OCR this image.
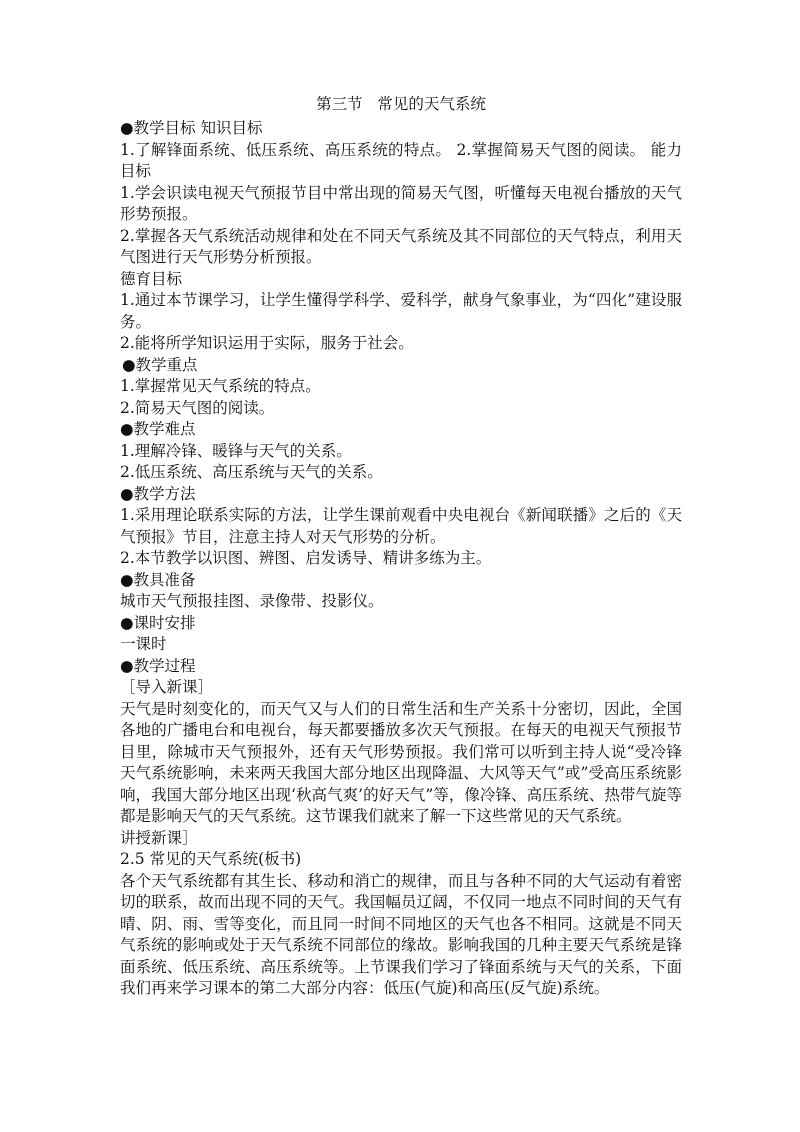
第三节   常见的天气系统
●教学目标 知识目标
1.了解锋面系统、低压系统、高压系统的特点。 2.掌握简易天气图的阅读。 能力目标
1.学会识读电视天气预报节目中常出现的简易天气图，听懂每天电视台播放的天气形势预报。
2.掌握各天气系统活动规律和处在不同天气系统及其不同部位的天气特点，利用天气图进行天气形势分析预报。
德育目标
1.通过本节课学习，让学生懂得学科学、爱科学，献身气象事业，为“四化”建设服务。
2.能将所学知识运用于实际，服务于社会。
●教学重点
1.掌握常见天气系统的特点。
2.简易天气图的阅读。
●教学难点
1.理解冷锋、暖锋与天气的关系。
2.低压系统、高压系统与天气的关系。
●教学方法
1.采用理论联系实际的方法，让学生课前观看中央电视台《新闻联播》之后的《天气预报》节目，注意主持人对天气形势的分析。
2.本节教学以识图、辨图、启发诱导、精讲多练为主。
●教具准备
城市天气预报挂图、录像带、投影仪。
●课时安排
一课时
●教学过程
［导入新课］
天气是时刻变化的，而天气又与人们的日常生活和生产关系十分密切，因此，全国各地的广播电台和电视台，每天都要播放多次天气预报。在每天的电视天气预报节目里，除城市天气预报外，还有天气形势预报。我们常可以听到主持人说“受冷锋天气系统影响，未来两天我国大部分地区出现降温、大风等天气”或”受高压系统影响，我国大部分地区出现‘秋高气爽’的好天气”等，像冷锋、高压系统、热带气旋等都是影响天气的天气系统。这节课我们就来了解一下这些常见的天气系统。
讲授新课］
2.5 常见的天气系统(板书)
各个天气系统都有其生长、移动和消亡的规律，而且与各种不同的大气运动有着密切的联系，故而出现不同的天气。我国幅员辽阔，不仅同一地点不同时间的天气有晴、阴、雨、雪等变化，而且同一时间不同地区的天气也各不相同。这就是不同天气系统的影响或处于天气系统不同部位的缘故。影响我国的几种主要天气系统是锋面系统、低压系统、高压系统等。上节课我们学习了锋面系统与天气的关系，下面我们再来学习课本的第二大部分内容：低压(气旋)和高压(反气旋)系统。
